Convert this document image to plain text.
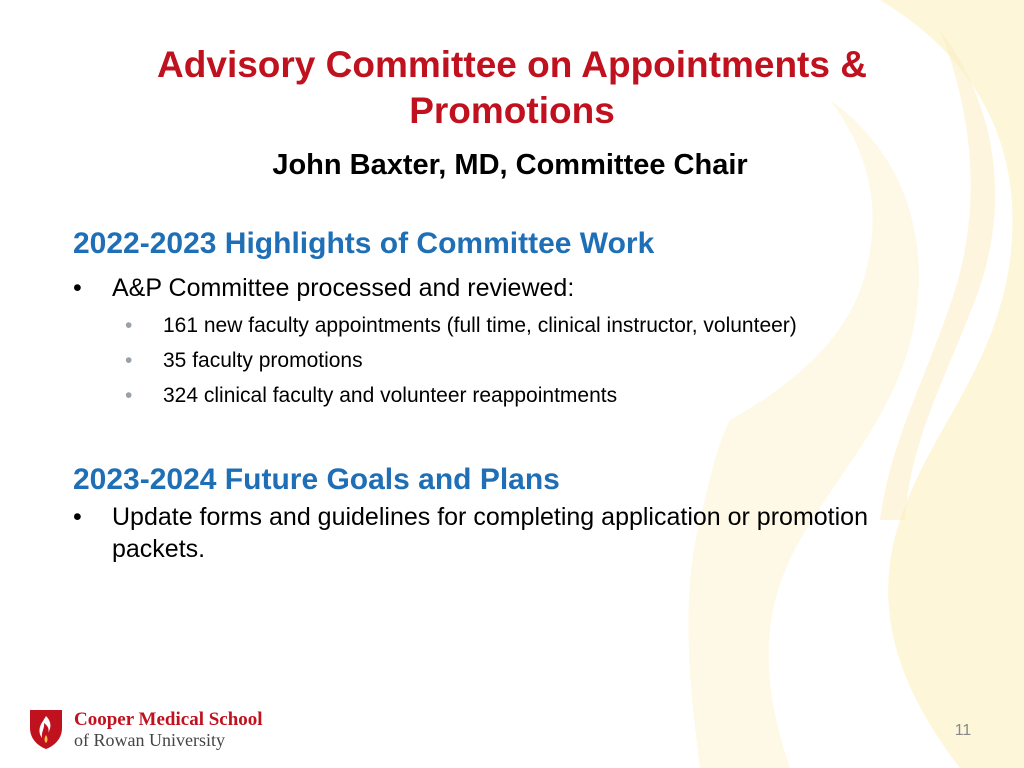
Advisory Committee on Appointments & Promotions
John Baxter, MD, Committee Chair
2022-2023 Highlights of Committee Work
• A&P Committee processed and reviewed:
• 161 new faculty appointments (full time, clinical instructor, volunteer)
• 35 faculty promotions
• 324 clinical faculty and volunteer reappointments
2023-2024 Future Goals and Plans
• Update forms and guidelines for completing application or promotion packets.
Cooper Medical School
of Rowan University	11
